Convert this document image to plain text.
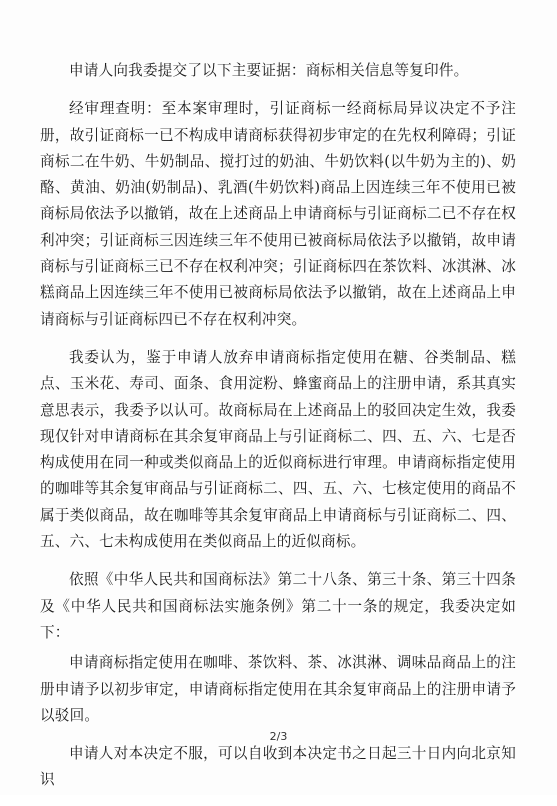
申请人向我委提交了以下主要证据：商标相关信息等复印件。

经审理查明：至本案审理时，引证商标一经商标局异议决定不予注册，故引证商标一已不构成申请商标获得初步审定的在先权利障碍；引证商标二在牛奶、牛奶制品、搅打过的奶油、牛奶饮料(以牛奶为主的)、奶酪、黄油、奶油(奶制品)、乳酒(牛奶饮料)商品上因连续三年不使用已被商标局依法予以撤销，故在上述商品上申请商标与引证商标二已不存在权利冲突；引证商标三因连续三年不使用已被商标局依法予以撤销，故申请商标与引证商标三已不存在权利冲突；引证商标四在茶饮料、冰淇淋、冰糕商品上因连续三年不使用已被商标局依法予以撤销，故在上述商品上申请商标与引证商标四已不存在权利冲突。

我委认为，鉴于申请人放弃申请商标指定使用在糖、谷类制品、糕点、玉米花、寿司、面条、食用淀粉、蜂蜜商品上的注册申请，系其真实意思表示，我委予以认可。故商标局在上述商品上的驳回决定生效，我委现仅针对申请商标在其余复审商品上与引证商标二、四、五、六、七是否构成使用在同一种或类似商品上的近似商标进行审理。申请商标指定使用的咖啡等其余复审商品与引证商标二、四、五、六、七核定使用的商品不属于类似商品，故在咖啡等其余复审商品上申请商标与引证商标二、四、五、六、七未构成使用在类似商品上的近似商标。

依照《中华人民共和国商标法》第二十八条、第三十条、第三十四条及《中华人民共和国商标法实施条例》第二十一条的规定，我委决定如下：

申请商标指定使用在咖啡、茶饮料、茶、冰淇淋、调味品商品上的注册申请予以初步审定，申请商标指定使用在其余复审商品上的注册申请予以驳回。

申请人对本决定不服，可以自收到本决定书之日起三十日内向北京知识

2/3
